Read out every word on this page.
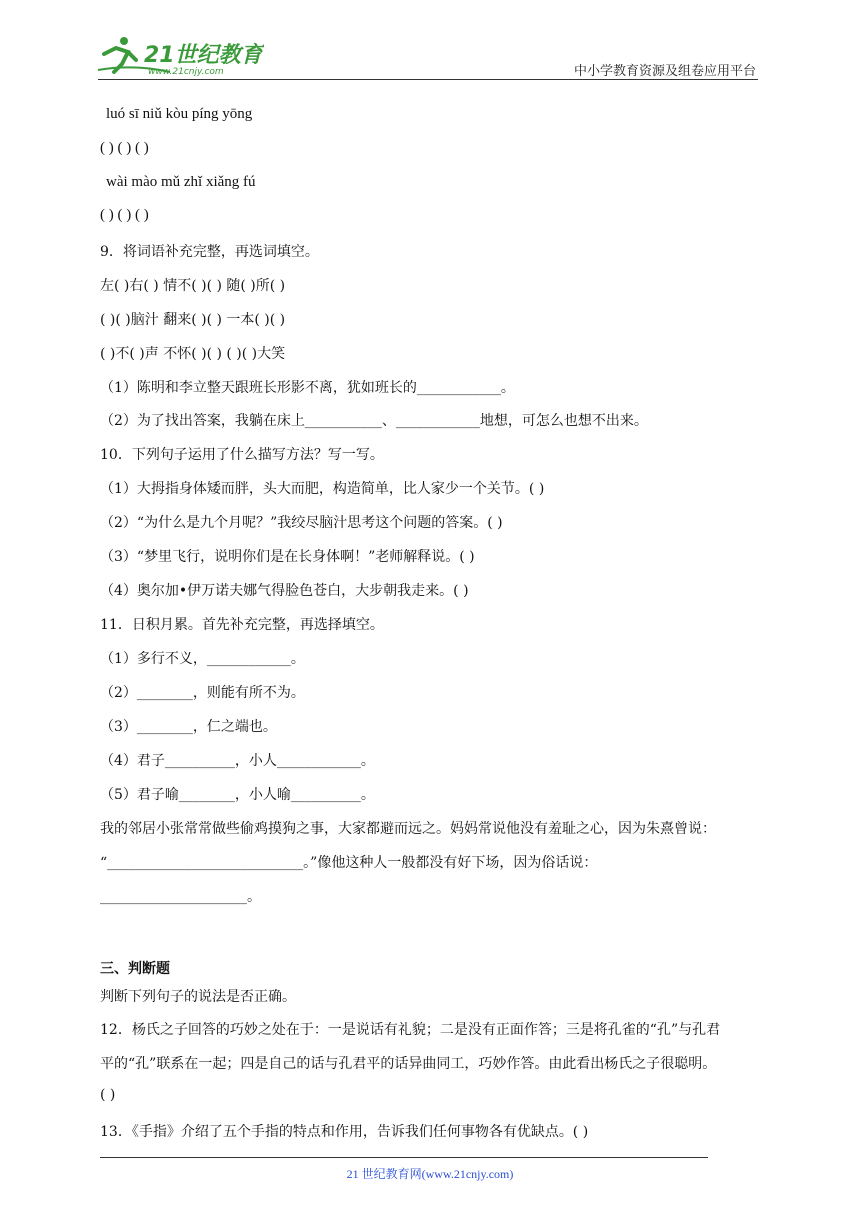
21世纪教育
www.21cnjy.com	中小学教育资源及组卷应用平台
luó sī niǔ kòu píng yōng
( ) ( ) ( )
wài mào mǔ zhǐ xiǎng fú
( ) ( ) ( )
9．将词语补充完整，再选词填空。
左( )右( ) 情不( )( ) 随( )所( )
( )( )脑汁 翻来( )( ) 一本( )( )
( )不( )声 不怀( )( ) ( )( )大笑
（1）陈明和李立整天跟班长形影不离，犹如班长的____________。
（2）为了找出答案，我躺在床上___________、____________地想，可怎么也想不出来。
10．下列句子运用了什么描写方法？写一写。
（1）大拇指身体矮而胖，头大而肥，构造简单，比人家少一个关节。( )
（2）“为什么是九个月呢？”我绞尽脑汁思考这个问题的答案。( )
（3）“梦里飞行，说明你们是在长身体啊！”老师解释说。( )
（4）奥尔加•伊万诺夫娜气得脸色苍白，大步朝我走来。( )
11．日积月累。首先补充完整，再选择填空。
（1）多行不义，____________。
（2）________，则能有所不为。
（3）________，仁之端也。
（4）君子__________，小人____________。
（5）君子喻________，小人喻__________。
我的邻居小张常常做些偷鸡摸狗之事，大家都避而远之。妈妈常说他没有羞耻之心，因为朱熹曾说：
“____________________________。”像他这种人一般都没有好下场，因为俗话说：
_____________________。
三、判断题
判断下列句子的说法是否正确。
12．杨氏之子回答的巧妙之处在于：一是说话有礼貌；二是没有正面作答；三是将孔雀的“孔”与孔君
平的“孔”联系在一起；四是自己的话与孔君平的话异曲同工，巧妙作答。由此看出杨氏之子很聪明。
( )
13．《手指》介绍了五个手指的特点和作用，告诉我们任何事物各有优缺点。( )
21 世纪教育网(www.21cnjy.com)
